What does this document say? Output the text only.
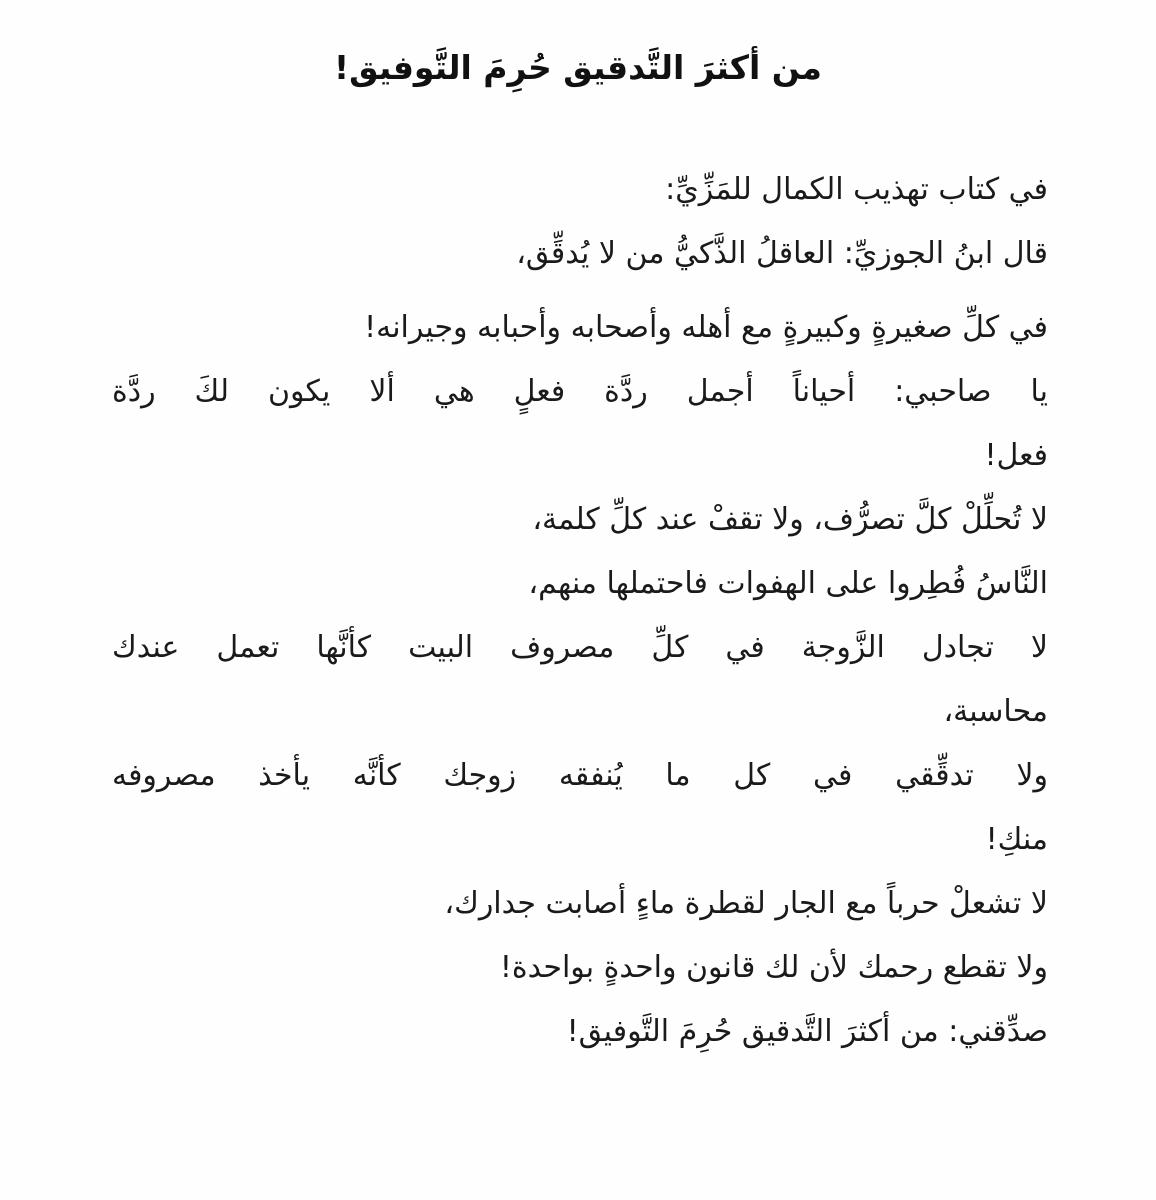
من أكثرَ التَّدقيق حُرِمَ التَّوفيق!
في كتاب تهذيب الكمال للمَزِّيِّ:
قال ابنُ الجوزيِّ: العاقلُ الذَّكيُّ من لا يُدقِّق،
في كلِّ صغيرةٍ وكبيرةٍ مع أهله وأصحابه وأحبابه وجيرانه!
يا صاحبي: أحياناً أجمل ردَّة فعلٍ هي ألا يكون لكَ ردَّة
فعل!
لا تُحلِّلْ كلَّ تصرُّف، ولا تقفْ عند كلِّ كلمة،
النَّاسُ فُطِروا على الهفوات فاحتملها منهم،
لا تجادل الزَّوجة في كلِّ مصروف البيت كأنَّها تعمل عندك
محاسبة،
ولا تدقِّقي في كل ما يُنفقه زوجك كأنَّه يأخذ مصروفه
منكِ!
لا تشعلْ حرباً مع الجار لقطرة ماءٍ أصابت جدارك،
ولا تقطع رحمك لأن لك قانون واحدةٍ بواحدة!
صدِّقني: من أكثرَ التَّدقيق حُرِمَ التَّوفيق!
